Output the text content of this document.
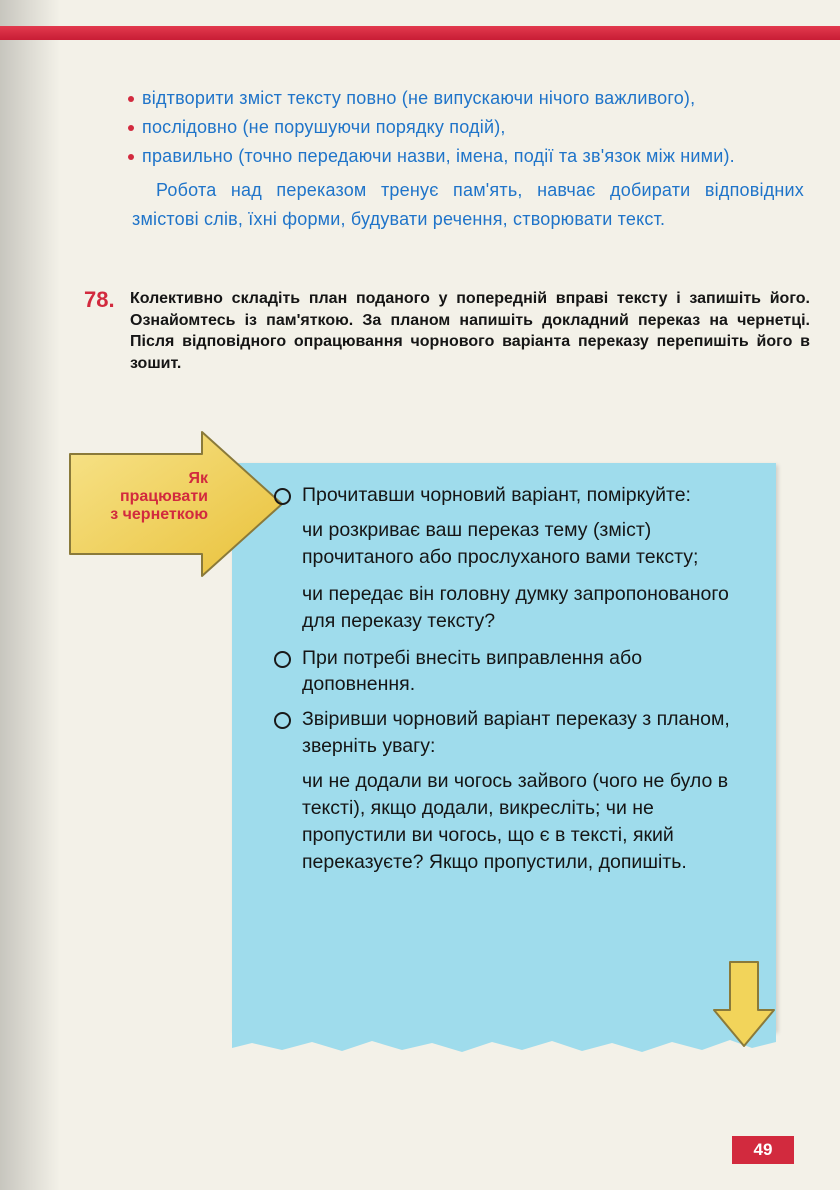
відтворити зміст тексту повно (не випускаючи нічого важливого),

послідовно (не порушуючи порядку подій),

правильно (точно передаючи назви, імена, події та зв'язок між ними).

Робота над переказом тренує пам'ять, навчає добирати відповідних змістові слів, їхні форми, будувати речення, створювати текст.

78. Колективно складіть план поданого у попередній вправі тексту і запишіть його. Ознайомтесь із пам'яткою. За планом напишіть докладний переказ на чернетці. Після відповідного опрацювання чорнового варіанта переказу перепишіть його в зошит.
Як
працювати
з чернеткою
Прочитавши чорновий варіант, поміркуйте:
чи розкриває ваш переказ тему (зміст) прочитаного або прослуханого вами тексту;
чи передає він головну думку запропонованого для переказу тексту?
При потребі внесіть виправлення або доповнення.
Звіривши чорновий варіант переказу з планом, зверніть увагу:
чи не додали ви чогось зайвого (чого не було в тексті), якщо додали, викресліть; чи не пропустили ви чогось, що є в тексті, який переказуєте? Якщо пропустили, допишіть.
49
